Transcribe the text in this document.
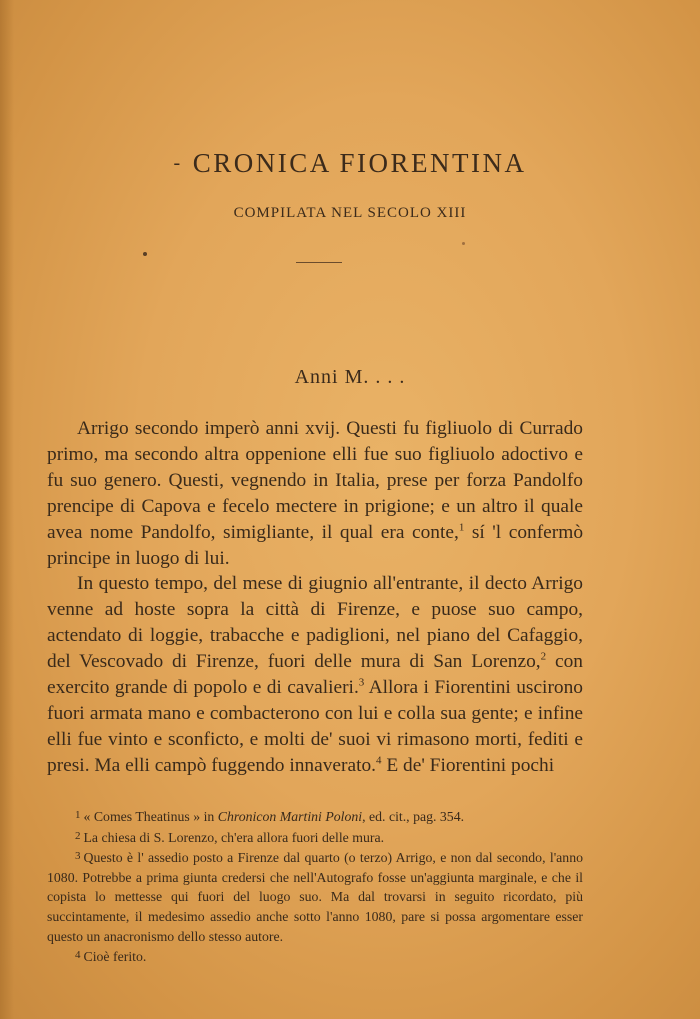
- CRONICA FIORENTINA
COMPILATA NEL SECOLO XIII
Anni M. . . .

Arrigo secondo imperò anni xvij. Questi fu figliuolo di Currado primo, ma secondo altra oppenione elli fue suo figliuolo adoctivo e fu suo genero. Questi, vegnendo in Italia, prese per forza Pandolfo prencipe di Capova e fecelo mectere in prigione; e un altro il quale avea nome Pandolfo, simigliante, il qual era conte,$^1$ sí 'l confermò principe in luogo di lui.

In questo tempo, del mese di giugnio all'entrante, il decto Arrigo venne ad hoste sopra la città di Firenze, e puose suo campo, actendato di loggie, trabacche e padiglioni, nel piano del Cafaggio, del Vescovado di Firenze, fuori delle mura di San Lorenzo,$^2$ con exercito grande di popolo e di cavalieri.$^3$ Allora i Fiorentini uscirono fuori armata mano e combacterono con lui e colla sua gente; e infine elli fue vinto e sconficto, e molti de' suoi vi rimasono morti, fediti e presi. Ma elli campò fuggendo innaverato.$^4$ E de' Fiorentini pochi

$^1$ « Comes Theatinus » in Chronicon Martini Poloni, ed. cit., pag. 354.

$^2$ La chiesa di S. Lorenzo, ch'era allora fuori delle mura.

$^3$ Questo è l' assedio posto a Firenze dal quarto (o terzo) Arrigo, e non dal secondo, l'anno 1080. Potrebbe a prima giunta credersi che nell'Autografo fosse un'aggiunta marginale, e che il copista lo mettesse qui fuori del luogo suo. Ma dal trovarsi in seguito ricordato, più succintamente, il medesimo assedio anche sotto l'anno 1080, pare si possa argomentare esser questo un anacronismo dello stesso autore.

$^4$ Cioè ferito.
